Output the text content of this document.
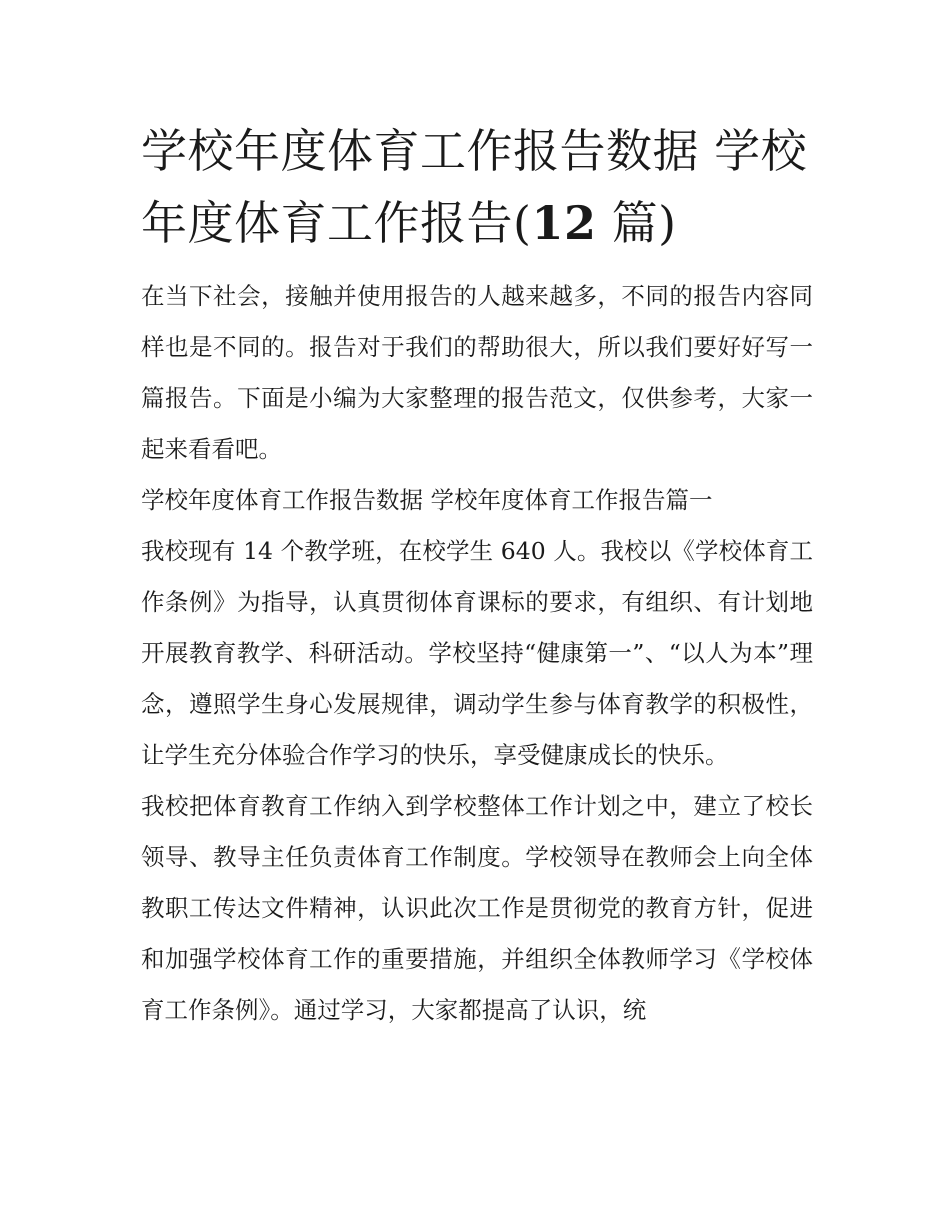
学校年度体育工作报告数据 学校年度体育工作报告(12 篇)

在当下社会，接触并使用报告的人越来越多，不同的报告内容同样也是不同的。报告对于我们的帮助很大，所以我们要好好写一篇报告。下面是小编为大家整理的报告范文，仅供参考，大家一起来看看吧。

学校年度体育工作报告数据 学校年度体育工作报告篇一

我校现有 14 个教学班，在校学生 640 人。我校以《学校体育工作条例》为指导，认真贯彻体育课标的要求，有组织、有计划地开展教育教学、科研活动。学校坚持“健康第一”、“以人为本”理念，遵照学生身心发展规律，调动学生参与体育教学的积极性，让学生充分体验合作学习的快乐，享受健康成长的快乐。

我校把体育教育工作纳入到学校整体工作计划之中，建立了校长领导、教导主任负责体育工作制度。学校领导在教师会上向全体教职工传达文件精神，认识此次工作是贯彻党的教育方针，促进和加强学校体育工作的重要措施，并组织全体教师学习《学校体育工作条例》。通过学习，大家都提高了认识，统
